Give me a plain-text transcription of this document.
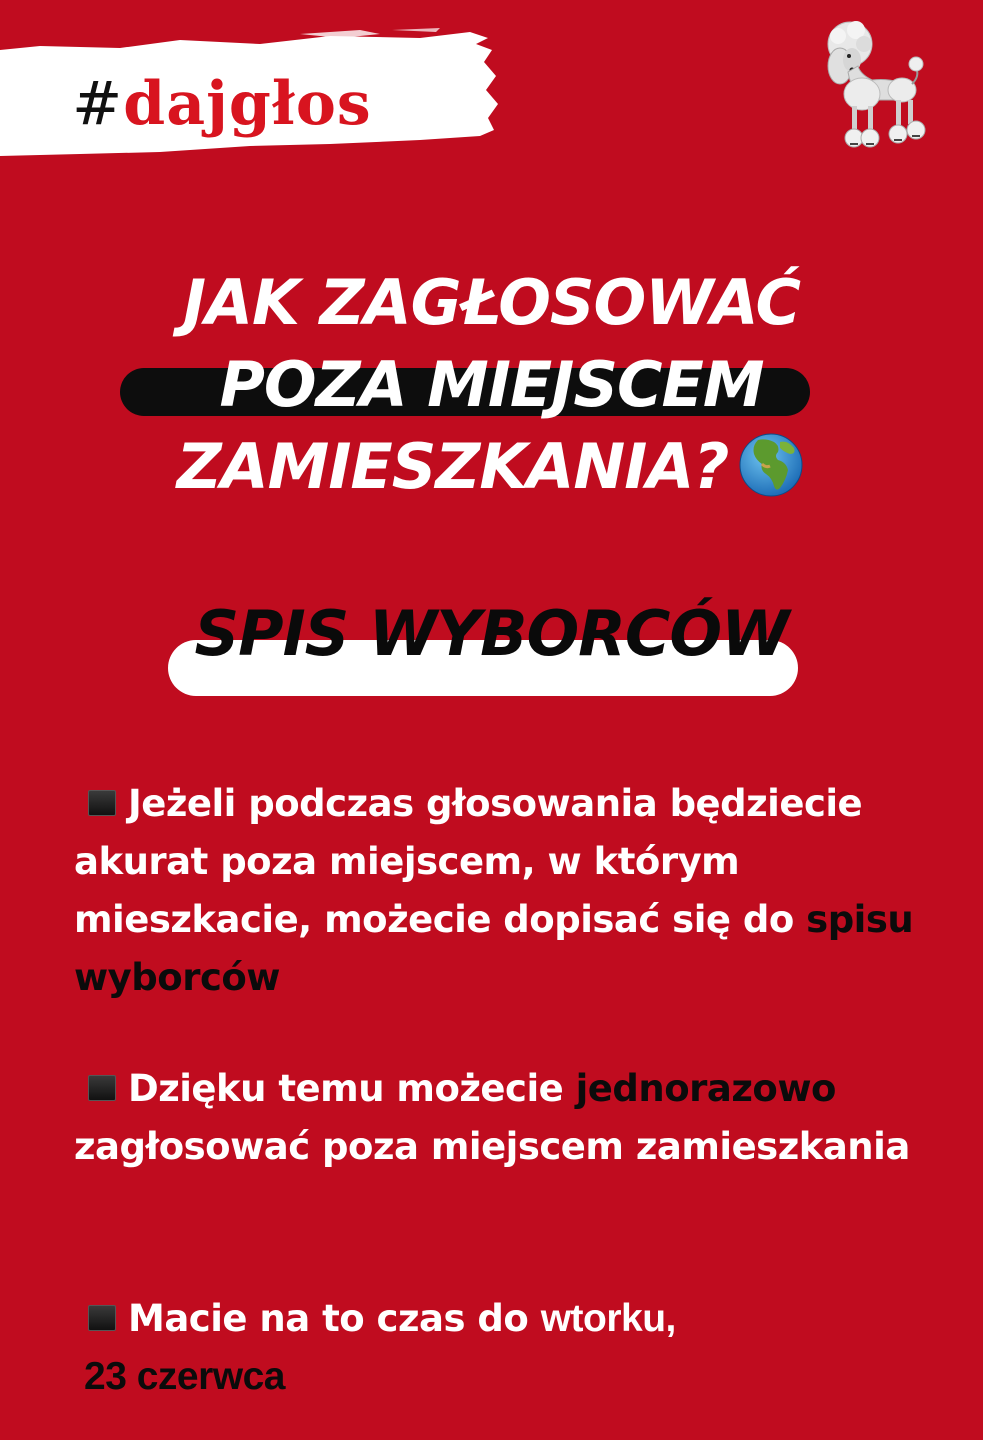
#dajgłos
JAK ZAGŁOSOWAĆ
POZA MIEJSCEM
ZAMIESZKANIA?
SPIS WYBORCÓW
Jeżeli podczas głosowania będziecie akurat poza miejscem, w którym mieszkacie, możecie dopisać się do spisu wyborców
Dzięku temu możecie jednorazowo zagłosować poza miejscem zamieszkania
Macie na to czas do wtorku,
23 czerwca
